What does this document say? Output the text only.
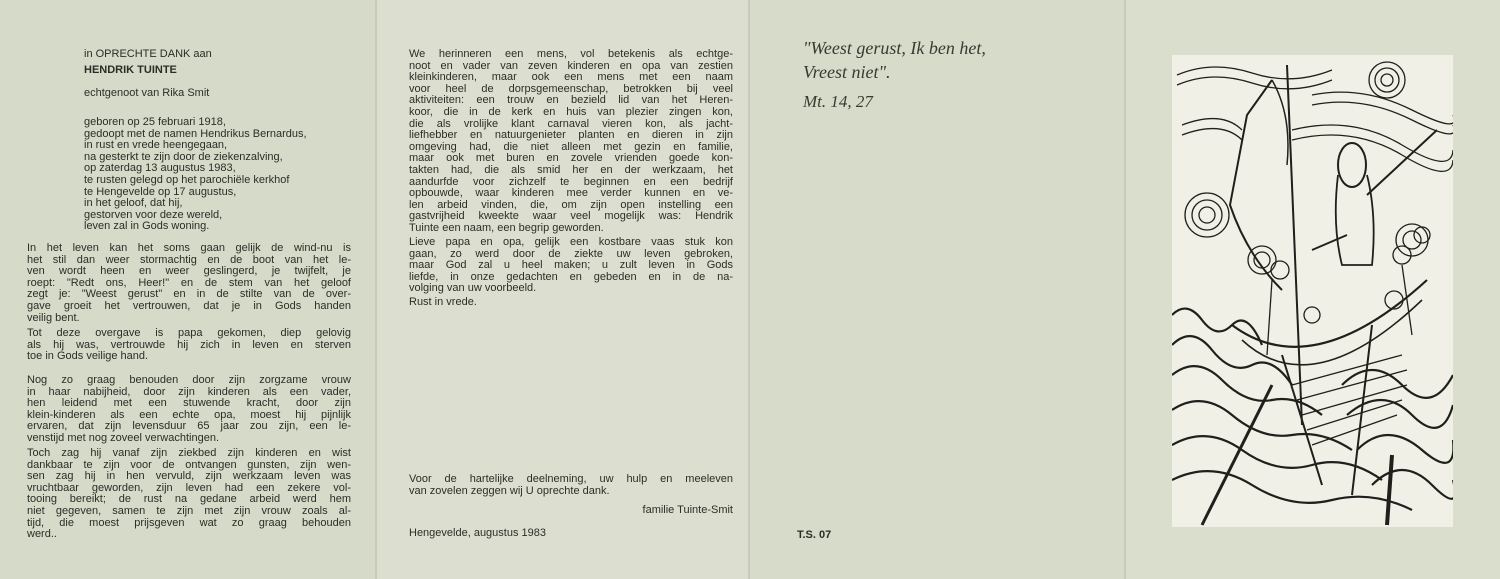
in OPRECHTE DANK aan

HENDRIK TUINTE

echtgenoot van Rika Smit

geboren op 25 februari 1918,
gedoopt met de namen Hendrikus Bernardus,
in rust en vrede heengegaan,
na gesterkt te zijn door de ziekenzalving,
op zaterdag 13 augustus 1983,
te rusten gelegd op het parochiële kerkhof
te Hengevelde op 17 augustus,
in het geloof, dat hij,
gestorven voor deze wereld,
leven zal in Gods woning.
In het leven kan het soms gaan gelijk de wind-nu is
het stil dan weer stormachtig en de boot van het le-
ven wordt heen en weer geslingerd, je twijfelt, je
roept: "Redt ons, Heer!" en de stem van het geloof
zegt je: "Weest gerust" en in de stilte van de over-
gave groeit het vertrouwen, dat je in Gods handen
veilig bent.
Tot deze overgave is papa gekomen, diep gelovig
als hij was, vertrouwde hij zich in leven en sterven
toe in Gods veilige hand.
Nog zo graag benouden door zijn zorgzame vrouw
in haar nabijheid, door zijn kinderen als een vader,
hen leidend met een stuwende kracht, door zijn
klein-kinderen als een echte opa, moest hij pijnlijk
ervaren, dat zijn levensduur 65 jaar zou zijn, een le-
venstijd met nog zoveel verwachtingen.
Toch zag hij vanaf zijn ziekbed zijn kinderen en wist
dankbaar te zijn voor de ontvangen gunsten, zijn wen-
sen zag hij in hen vervuld, zijn werkzaam leven was
vruchtbaar geworden, zijn leven had een zekere vol-
tooing bereikt; de rust na gedane arbeid werd hem
niet gegeven, samen te zijn met zijn vrouw zoals al-
tijd, die moest prijsgeven wat zo graag behouden
werd..
We herinneren een mens, vol betekenis als echtge-
noot en vader van zeven kinderen en opa van zestien
kleinkinderen, maar ook een mens met een naam
voor heel de dorpsgemeenschap, betrokken bij veel
aktiviteiten: een trouw en bezield lid van het Heren-
koor, die in de kerk en huis van plezier zingen kon,
die als vrolijke klant carnaval vieren kon, als jacht-
liefhebber en natuurgenieter planten en dieren in zijn
omgeving had, die niet alleen met gezin en familie,
maar ook met buren en zovele vrienden goede kon-
takten had, die als smid her en der werkzaam, het
aandurfde voor zichzelf te beginnen en een bedrijf
opbouwde, waar kinderen mee verder kunnen en ve-
len arbeid vinden, die, om zijn open instelling een
gastvrijheid kweekte waar veel mogelijk was: Hendrik
Tuinte een naam, een begrip geworden.
Lieve papa en opa, gelijk een kostbare vaas stuk kon
gaan, zo werd door de ziekte uw leven gebroken,
maar God zal u heel maken; u zult leven in Gods
liefde, in onze gedachten en gebeden en in de na-
volging van uw voorbeeld.

Rust in vrede.

Voor de hartelijke deelneming, uw hulp en meeleven
van zovelen zeggen wij U oprechte dank.

familie Tuinte-Smit

Hengevelde, augustus 1983

"Weest gerust, Ik ben het,
Vreest niet".
Mt. 14, 27
T.S. 07
